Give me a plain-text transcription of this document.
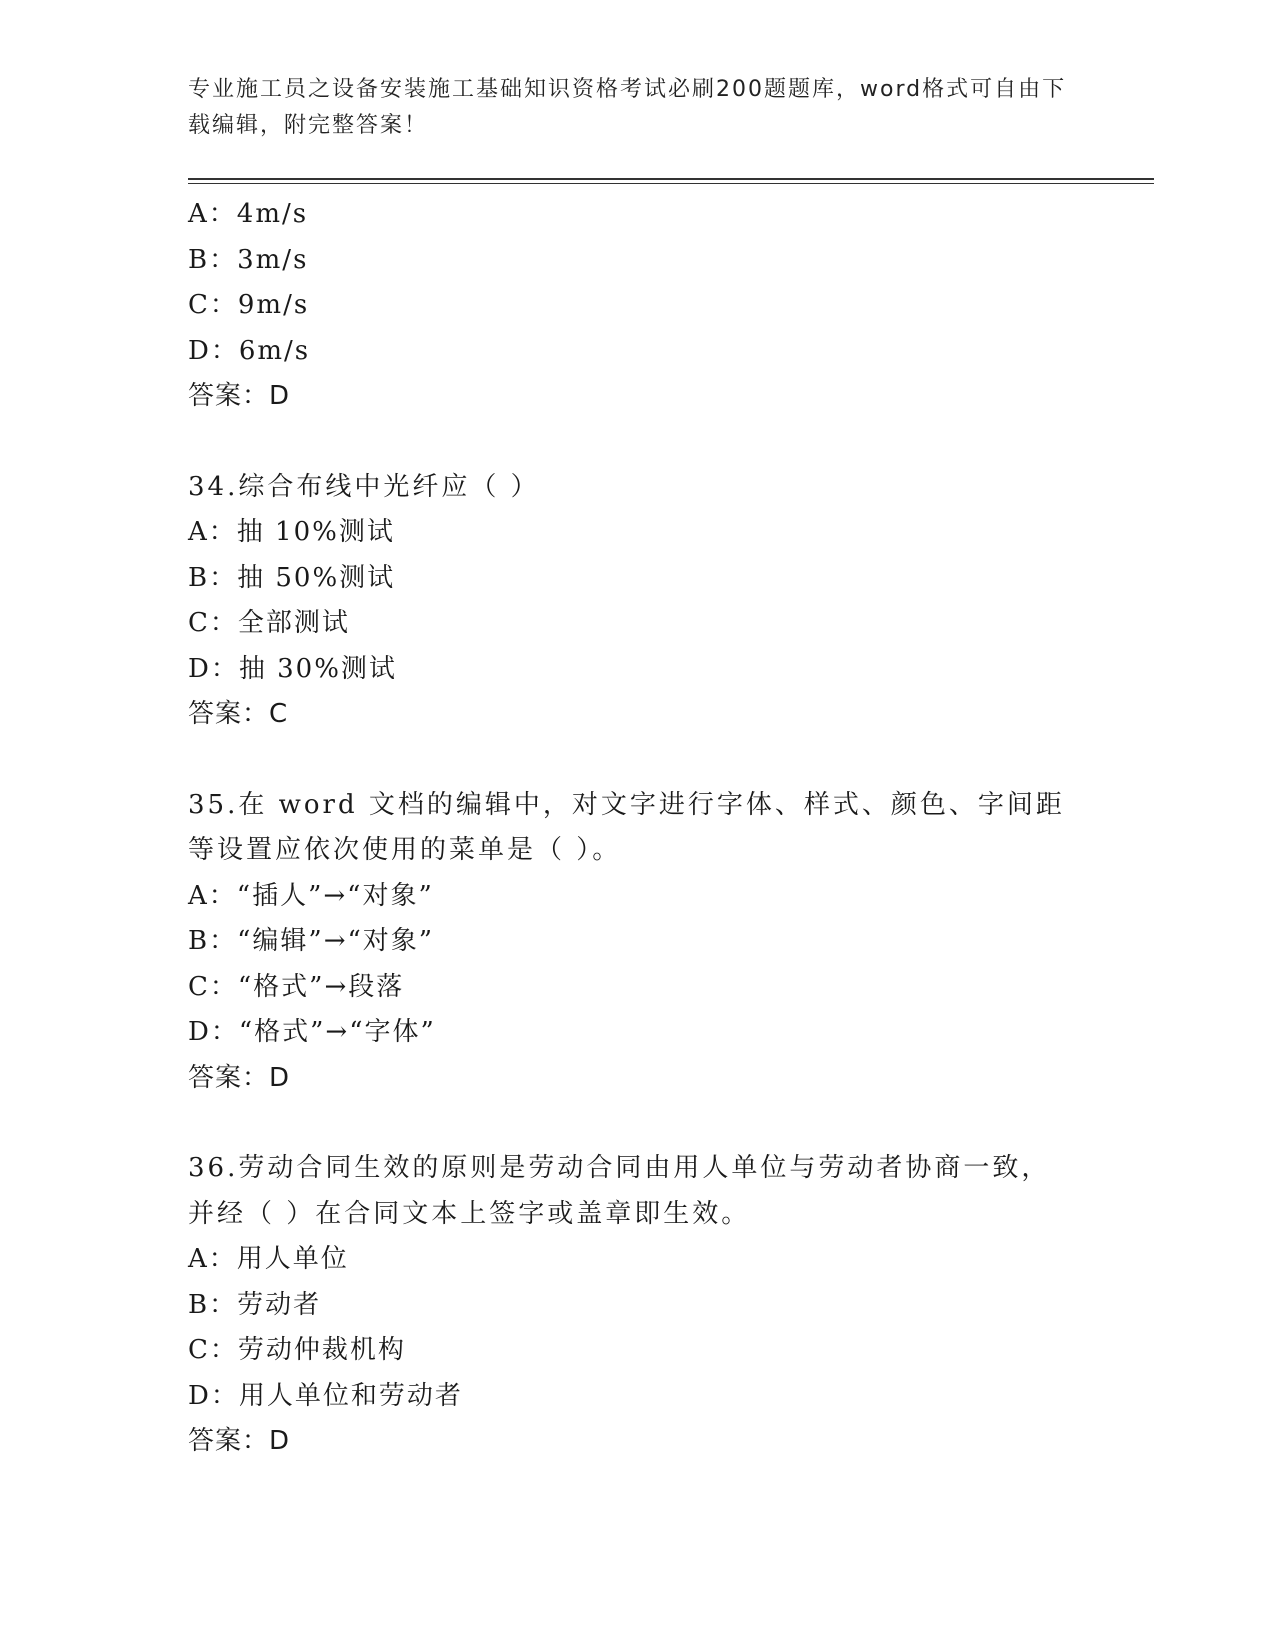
专业施工员之设备安装施工基础知识资格考试必刷200题题库，word格式可自由下载编辑，附完整答案！
A：4m/s
B：3m/s
C：9m/s
D：6m/s
答案：D
34.综合布线中光纤应（ ）
A：抽 10%测试
B：抽 50%测试
C：全部测试
D：抽 30%测试
答案：C
35.在 word 文档的编辑中，对文字进行字体、样式、颜色、字间距等设置应依次使用的菜单是（ ）。
A：“插人”→“对象”
B：“编辑”→“对象”
C：“格式”→段落
D：“格式”→“字体”
答案：D
36.劳动合同生效的原则是劳动合同由用人单位与劳动者协商一致，并经（ ）在合同文本上签字或盖章即生效。
A：用人单位
B：劳动者
C：劳动仲裁机构
D：用人单位和劳动者
答案：D
